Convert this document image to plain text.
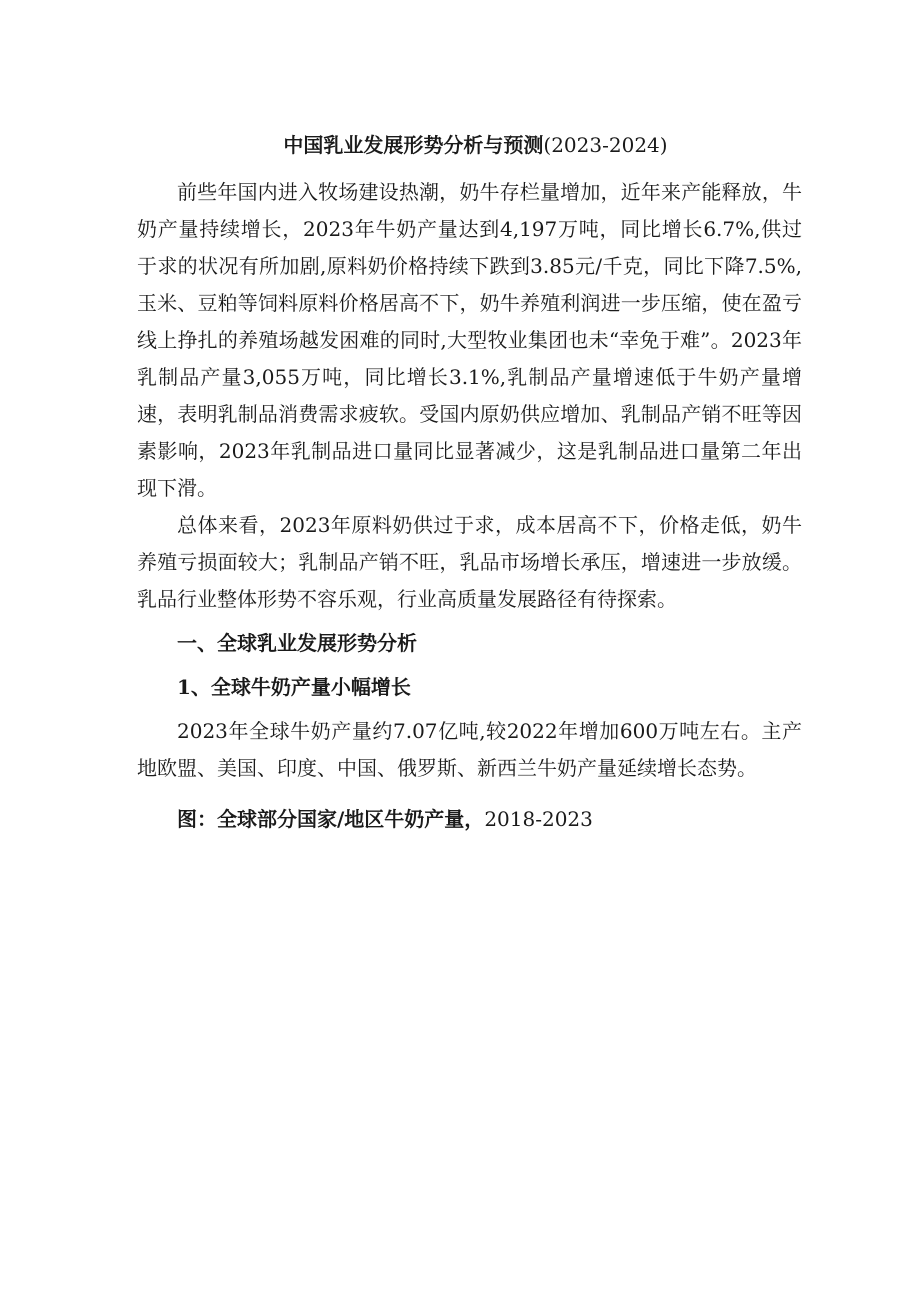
中国乳业发展形势分析与预测(2023-2024)

前些年国内进入牧场建设热潮，奶牛存栏量增加，近年来产能释放，牛奶产量持续增长，2023年牛奶产量达到4,197万吨，同比增长6.7%,供过于求的状况有所加剧,原料奶价格持续下跌到3.85元/千克，同比下降7.5%,玉米、豆粕等饲料原料价格居高不下，奶牛养殖利润进一步压缩，使在盈亏线上挣扎的养殖场越发困难的同时,大型牧业集团也未“幸免于难”。2023年乳制品产量3,055万吨，同比增长3.1%,乳制品产量增速低于牛奶产量增速，表明乳制品消费需求疲软。受国内原奶供应增加、乳制品产销不旺等因素影响，2023年乳制品进口量同比显著减少，这是乳制品进口量第二年出现下滑。

总体来看，2023年原料奶供过于求，成本居高不下，价格走低，奶牛养殖亏损面较大；乳制品产销不旺，乳品市场增长承压，增速进一步放缓。乳品行业整体形势不容乐观，行业高质量发展路径有待探索。

一、全球乳业发展形势分析

1、全球牛奶产量小幅增长

2023年全球牛奶产量约7.07亿吨,较2022年增加600万吨左右。主产地欧盟、美国、印度、中国、俄罗斯、新西兰牛奶产量延续增长态势。

图：全球部分国家/地区牛奶产量，2018-2023
